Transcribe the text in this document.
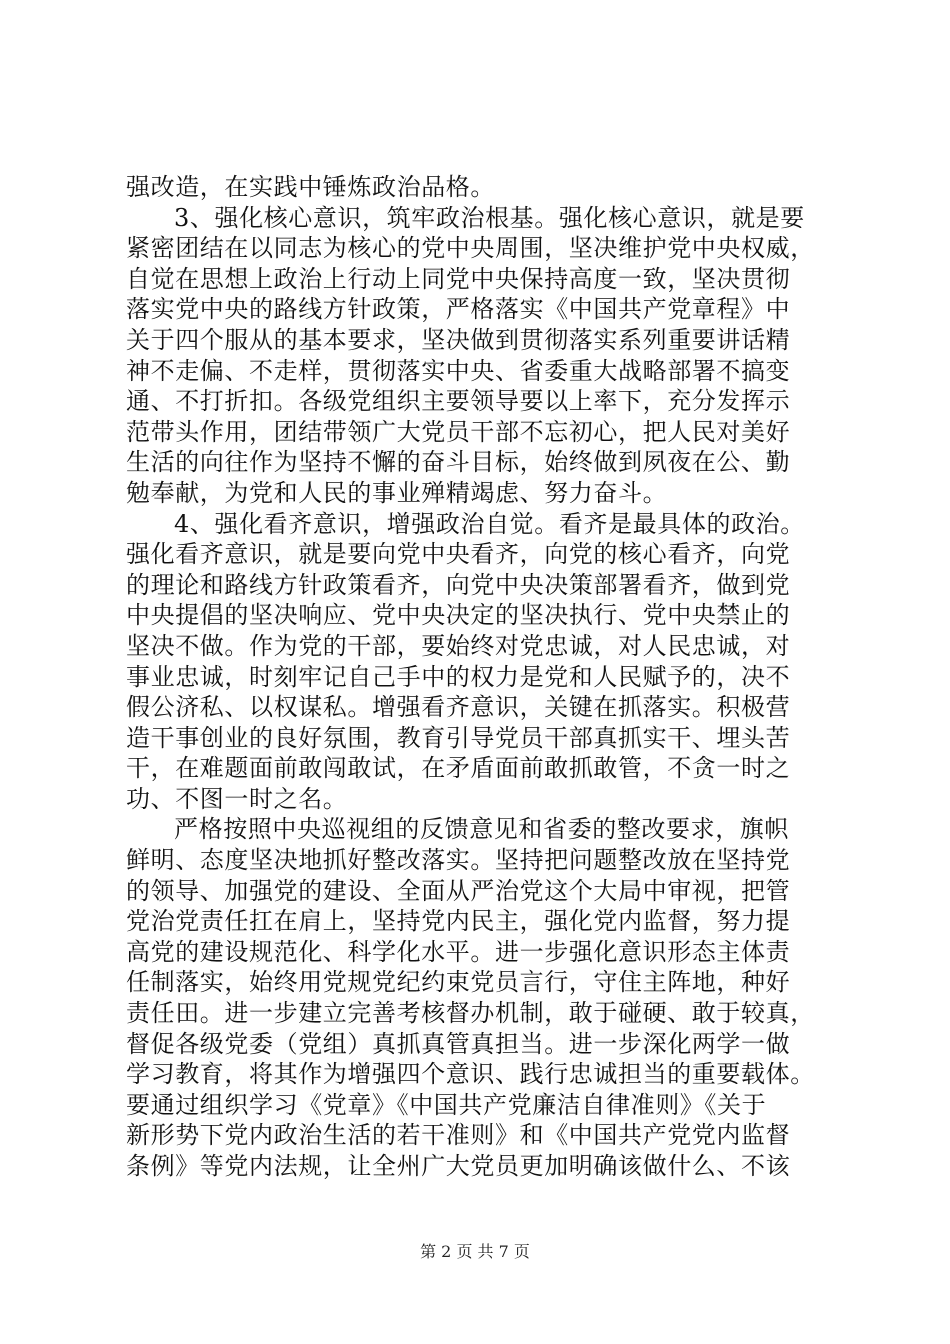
强改造，在实践中锤炼政治品格。
3、强化核心意识，筑牢政治根基。强化核心意识，就是要
紧密团结在以同志为核心的党中央周围，坚决维护党中央权威，
自觉在思想上政治上行动上同党中央保持高度一致，坚决贯彻
落实党中央的路线方针政策，严格落实《中国共产党章程》中
关于四个服从的基本要求，坚决做到贯彻落实系列重要讲话精
神不走偏、不走样，贯彻落实中央、省委重大战略部署不搞变
通、不打折扣。各级党组织主要领导要以上率下，充分发挥示
范带头作用，团结带领广大党员干部不忘初心，把人民对美好
生活的向往作为坚持不懈的奋斗目标，始终做到夙夜在公、勤
勉奉献，为党和人民的事业殚精竭虑、努力奋斗。
4、强化看齐意识，增强政治自觉。看齐是最具体的政治。
强化看齐意识，就是要向党中央看齐，向党的核心看齐，向党
的理论和路线方针政策看齐，向党中央决策部署看齐，做到党
中央提倡的坚决响应、党中央决定的坚决执行、党中央禁止的
坚决不做。作为党的干部，要始终对党忠诚，对人民忠诚，对
事业忠诚，时刻牢记自己手中的权力是党和人民赋予的，决不
假公济私、以权谋私。增强看齐意识，关键在抓落实。积极营
造干事创业的良好氛围，教育引导党员干部真抓实干、埋头苦
干，在难题面前敢闯敢试，在矛盾面前敢抓敢管，不贪一时之
功、不图一时之名。
严格按照中央巡视组的反馈意见和省委的整改要求，旗帜
鲜明、态度坚决地抓好整改落实。坚持把问题整改放在坚持党
的领导、加强党的建设、全面从严治党这个大局中审视，把管
党治党责任扛在肩上，坚持党内民主，强化党内监督，努力提
高党的建设规范化、科学化水平。进一步强化意识形态主体责
任制落实，始终用党规党纪约束党员言行，守住主阵地，种好
责任田。进一步建立完善考核督办机制，敢于碰硬、敢于较真，
督促各级党委（党组）真抓真管真担当。进一步深化两学一做
学习教育，将其作为增强四个意识、践行忠诚担当的重要载体。
要通过组织学习《党章》《中国共产党廉洁自律准则》《关于
新形势下党内政治生活的若干准则》和《中国共产党党内监督
条例》等党内法规，让全州广大党员更加明确该做什么、不该
第 2 页 共 7 页
